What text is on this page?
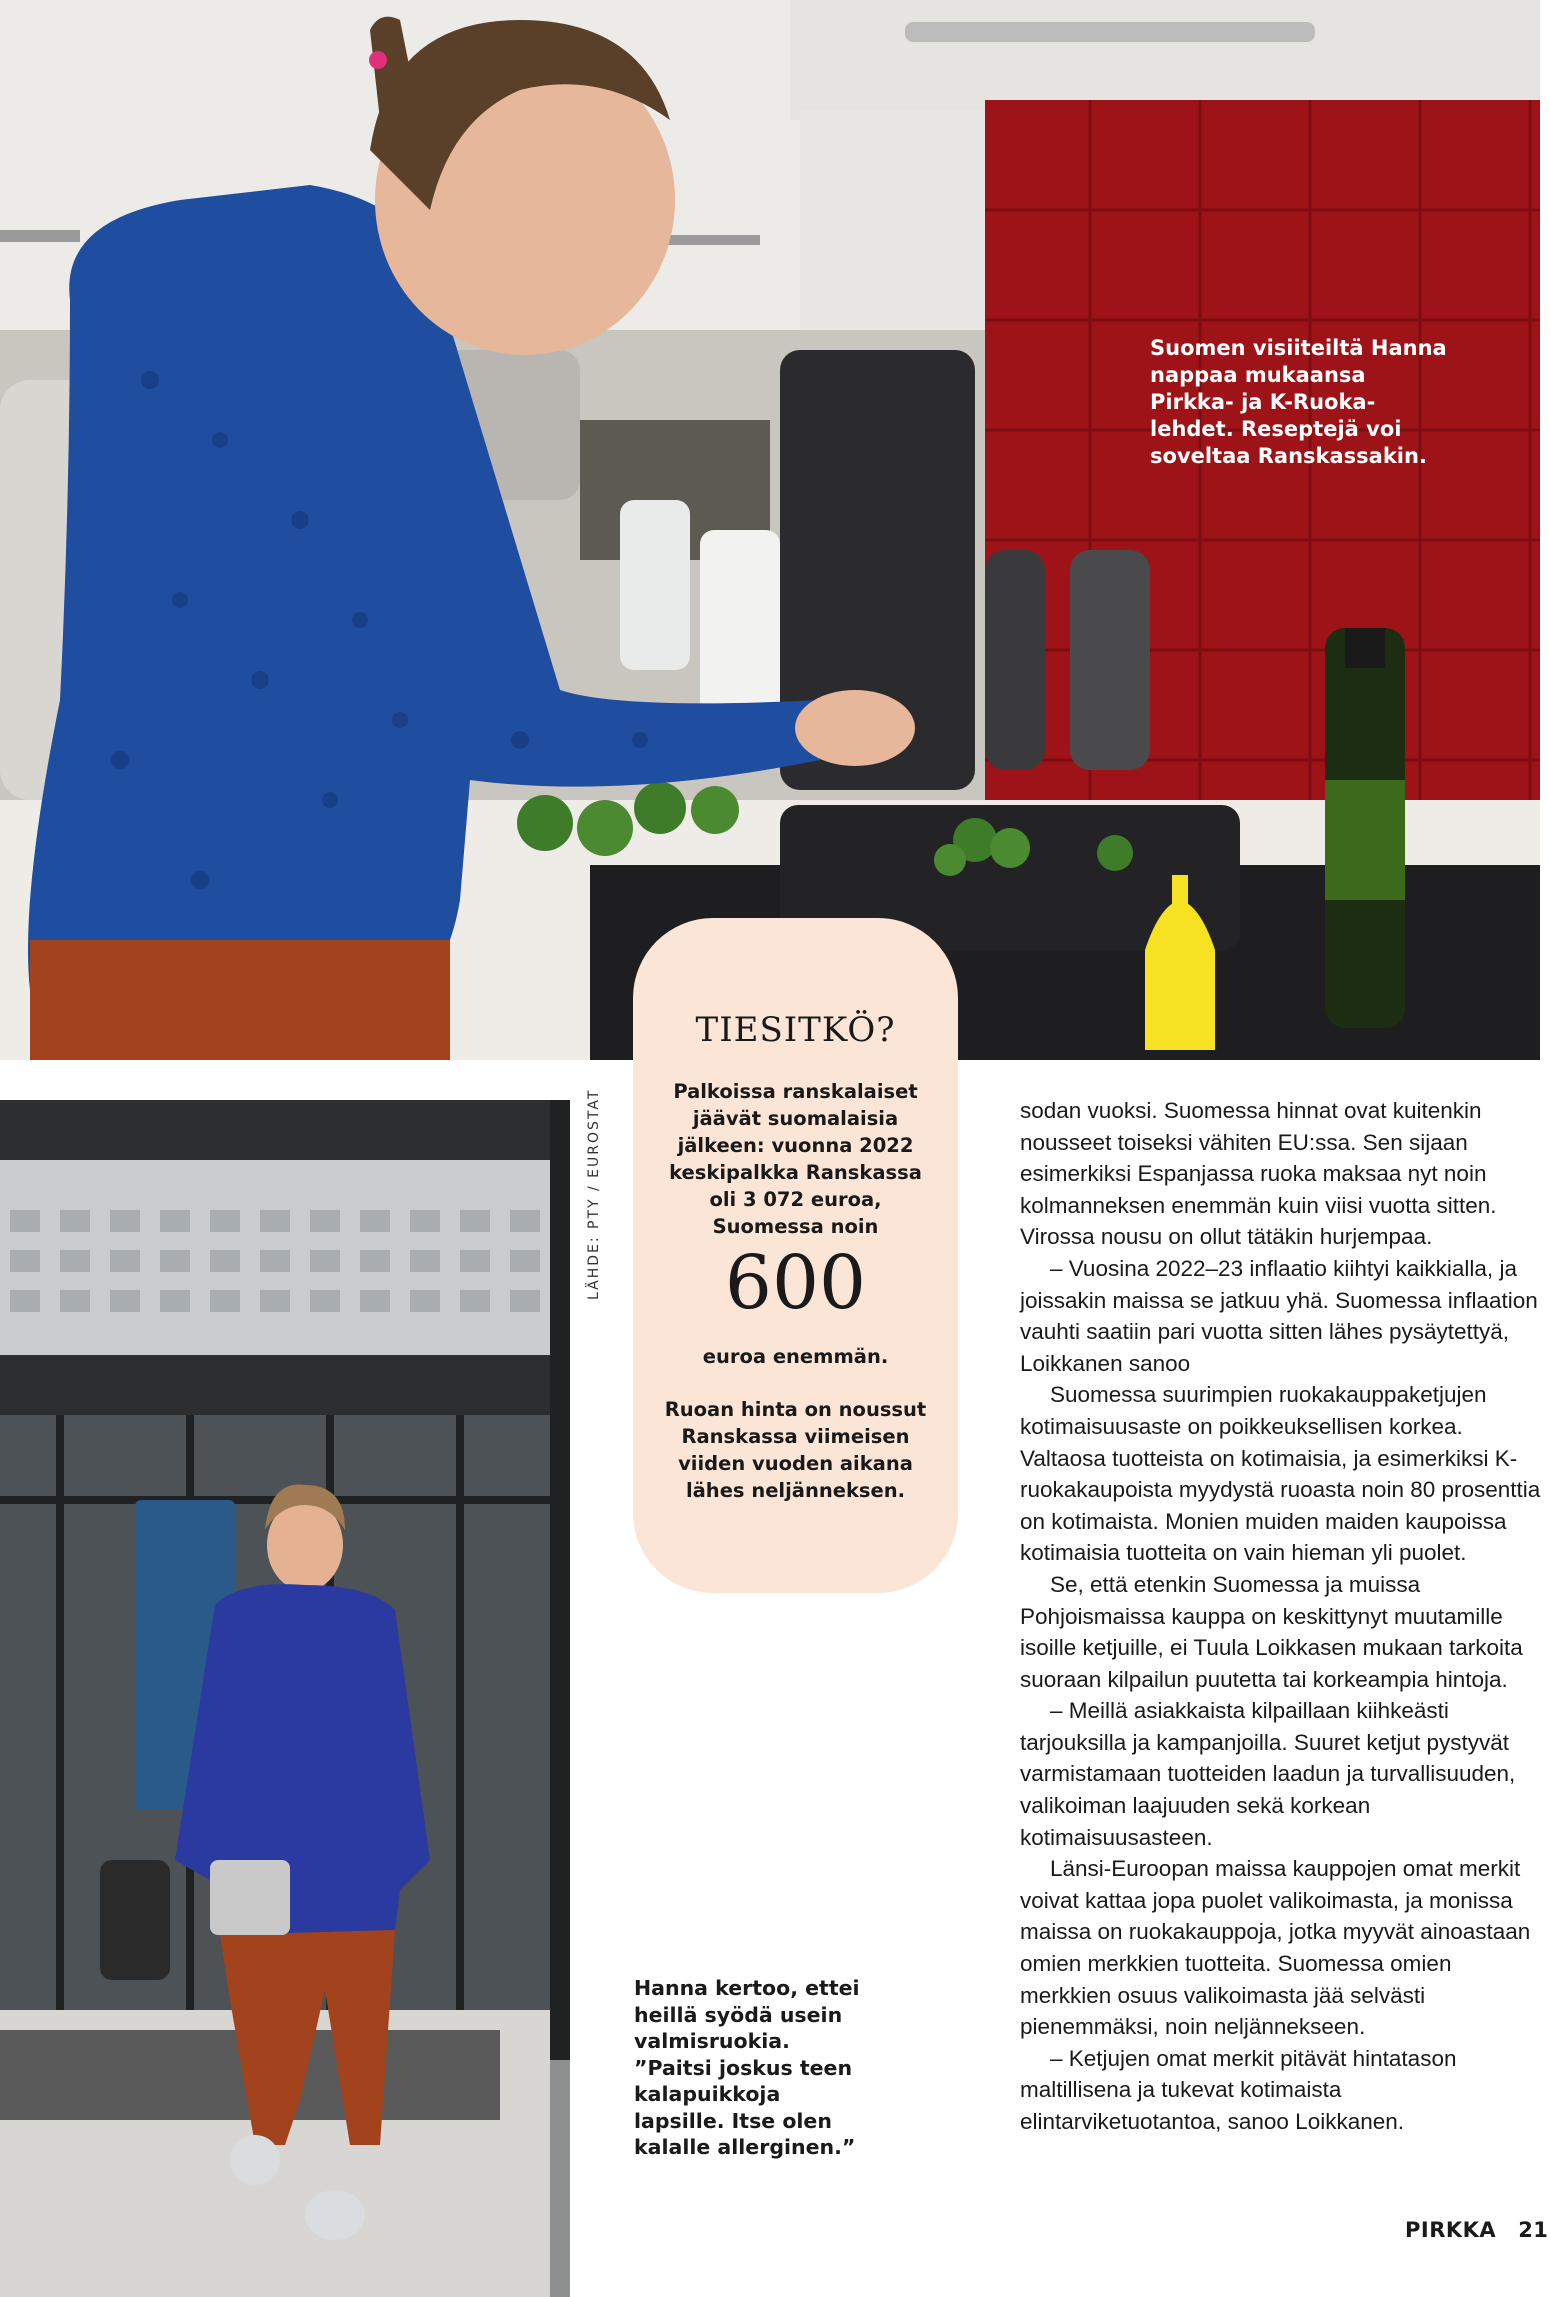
Suomen visiiteiltä Hanna nappaa mukaansa Pirkka- ja K-Ruoka-lehdet. Reseptejä voi soveltaa Ranskassakin.
LÄHDE: PTY / EUROSTAT
TIESITKÖ?
Palkoissa ranskalaiset jäävät suomalaisia jälkeen: vuonna 2022 keskipalkka Ranskassa oli 3 072 euroa, Suomessa noin
600
euroa enemmän.
Ruoan hinta on noussut Ranskassa viimeisen viiden vuoden aikana lähes neljänneksen.
Hanna kertoo, ettei heillä syödä usein valmisruokia. ”Paitsi joskus teen kalapuikkoja lapsille. Itse olen kalalle allerginen.”

sodan vuoksi. Suomessa hinnat ovat kuitenkin nousseet toiseksi vähiten EU:ssa. Sen sijaan esimerkiksi Espanjassa ruoka maksaa nyt noin kolmanneksen enemmän kuin viisi vuotta sitten. Virossa nousu on ollut tätäkin hurjempaa.

– Vuosina 2022–23 inflaatio kiihtyi kaikkialla, ja joissakin maissa se jatkuu yhä. Suomessa inflaation vauhti saatiin pari vuotta sitten lähes pysäytettyä, Loikkanen sanoo

Suomessa suurimpien ruokakauppaketjujen kotimaisuusaste on poikkeuksellisen korkea. Valtaosa tuotteista on kotimaisia, ja esimerkiksi K-ruokakaupoista myydystä ruoasta noin 80 prosenttia on kotimaista. Monien muiden maiden kaupoissa kotimaisia tuotteita on vain hieman yli puolet.

Se, että etenkin Suomessa ja muissa Pohjoismaissa kauppa on keskittynyt muutamille isoille ketjuille, ei Tuula Loikkasen mukaan tarkoita suoraan kilpailun puutetta tai korkeampia hintoja.

– Meillä asiakkaista kilpaillaan kiihkeästi tarjouksilla ja kampanjoilla. Suuret ketjut pystyvät varmistamaan tuotteiden laadun ja turvallisuuden, valikoiman laajuuden sekä korkean kotimaisuusasteen.

Länsi-Euroopan maissa kauppojen omat merkit voivat kattaa jopa puolet valikoimasta, ja monissa maissa on ruokakauppoja, jotka myyvät ainoastaan omien merkkien tuotteita. Suomessa omien merkkien osuus valikoimasta jää selvästi pienemmäksi, noin neljännekseen.

– Ketjujen omat merkit pitävät hintatason maltillisena ja tukevat kotimaista elintarviketuotantoa, sanoo Loikkanen.

PIRKKA 21
